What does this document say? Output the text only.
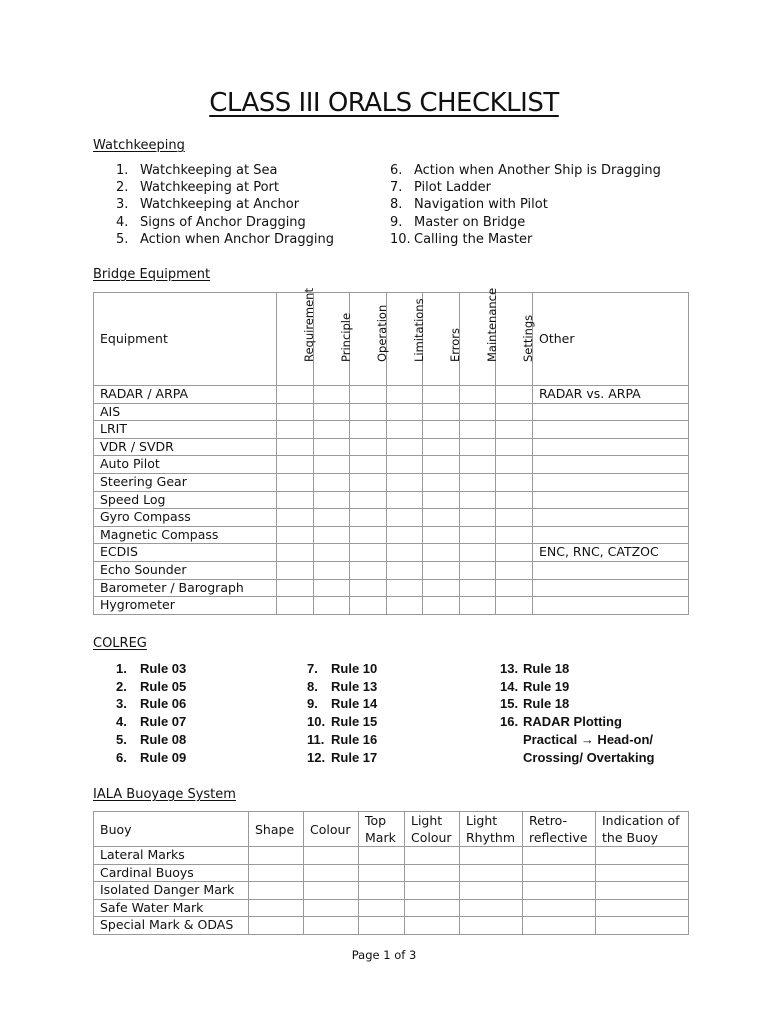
CLASS III ORALS CHECKLIST
Watchkeeping
1. Watchkeeping at Sea
2. Watchkeeping at Port
3. Watchkeeping at Anchor
4. Signs of Anchor Dragging
5. Action when Anchor Dragging
6. Action when Another Ship is Dragging
7. Pilot Ladder
8. Navigation with Pilot
9. Master on Bridge
10. Calling the Master
Bridge Equipment
Equipment	Requirement	Principle	Operation	Limitations	Errors	Maintenance	Settings	Other
RADAR / ARPA								RADAR vs. ARPA
AIS								
LRIT								
VDR / SVDR								
Auto Pilot								
Steering Gear								
Speed Log								
Gyro Compass								
Magnetic Compass								
ECDIS								ENC, RNC, CATZOC
Echo Sounder								
Barometer / Barograph								
Hygrometer								
COLREG
1. Rule 03
2. Rule 05
3. Rule 06
4. Rule 07
5. Rule 08
6. Rule 09
7. Rule 10
8. Rule 13
9. Rule 14
10. Rule 15
11. Rule 16
12. Rule 17
13. Rule 18
14. Rule 19
15. Rule 18
16. RADAR Plotting
Practical → Head-on/
Crossing/ Overtaking
IALA Buoyage System
Buoy	Shape	Colour	Top Mark	Light Colour	Light Rhythm	Retro-reflective	Indication of the Buoy
Lateral Marks							
Cardinal Buoys							
Isolated Danger Mark							
Safe Water Mark							
Special Mark & ODAS							
Page 1 of 3
